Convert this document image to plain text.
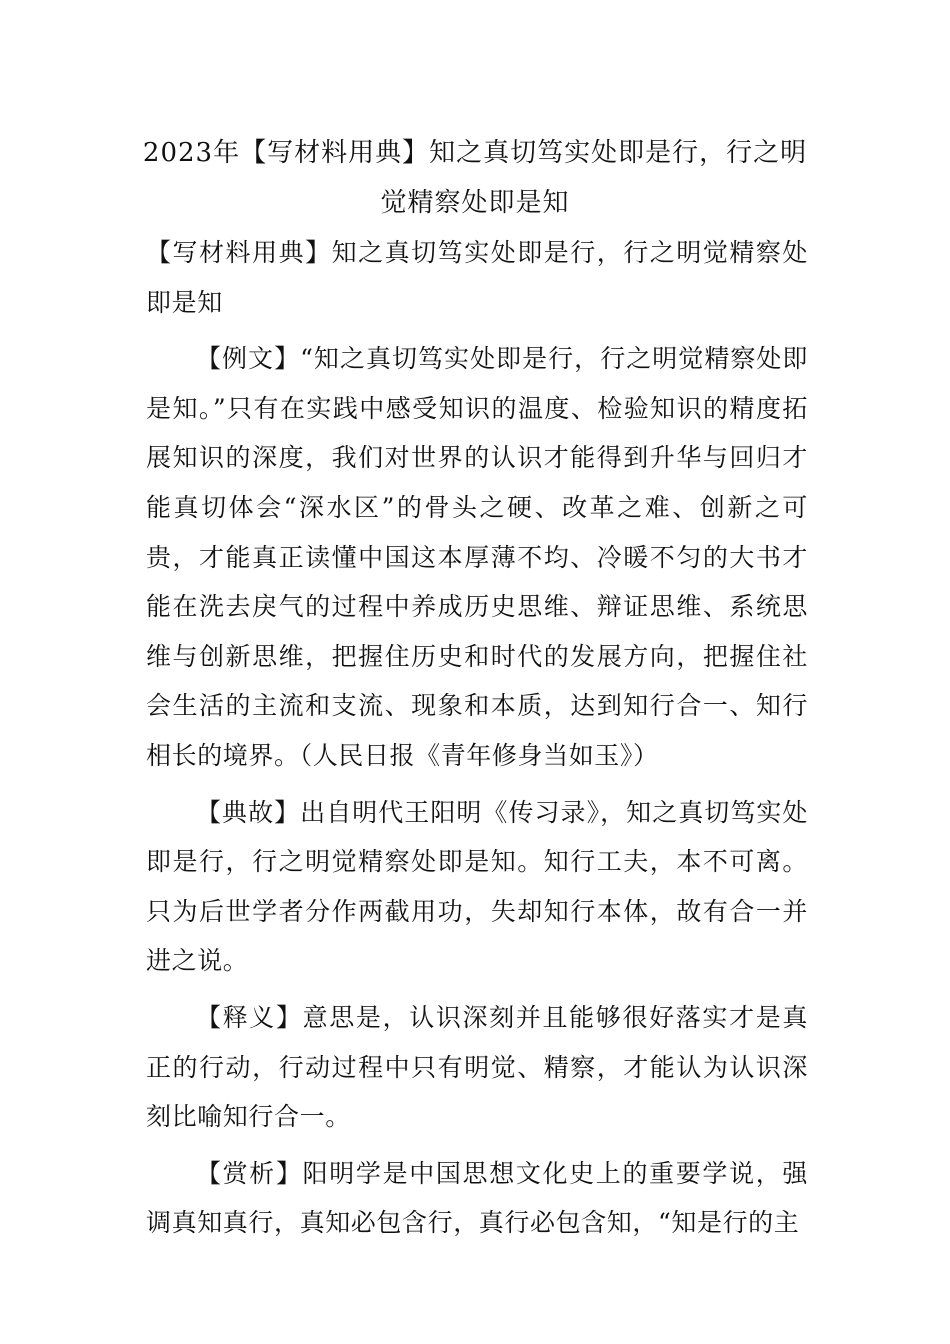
2023年【写材料用典】知之真切笃实处即是行，行之明觉精察处即是知

【写材料用典】知之真切笃实处即是行，行之明觉精察处即是知

【例文】“知之真切笃实处即是行，行之明觉精察处即是知。”只有在实践中感受知识的温度、检验知识的精度拓展知识的深度，我们对世界的认识才能得到升华与回归才能真切体会“深水区”的骨头之硬、改革之难、创新之可贵，才能真正读懂中国这本厚薄不均、冷暖不匀的大书才能在洗去戾气的过程中养成历史思维、辩证思维、系统思维与创新思维，把握住历史和时代的发展方向，把握住社会生活的主流和支流、现象和本质，达到知行合一、知行相长的境界。（人民日报《青年修身当如玉》）

【典故】出自明代王阳明《传习录》，知之真切笃实处即是行，行之明觉精察处即是知。知行工夫，本不可离。只为后世学者分作两截用功，失却知行本体，故有合一并进之说。

【释义】意思是，认识深刻并且能够很好落实才是真正的行动，行动过程中只有明觉、精察，才能认为认识深刻比喻知行合一。

【赏析】阳明学是中国思想文化史上的重要学说，强调真知真行，真知必包含行，真行必包含知，“知是行的主
